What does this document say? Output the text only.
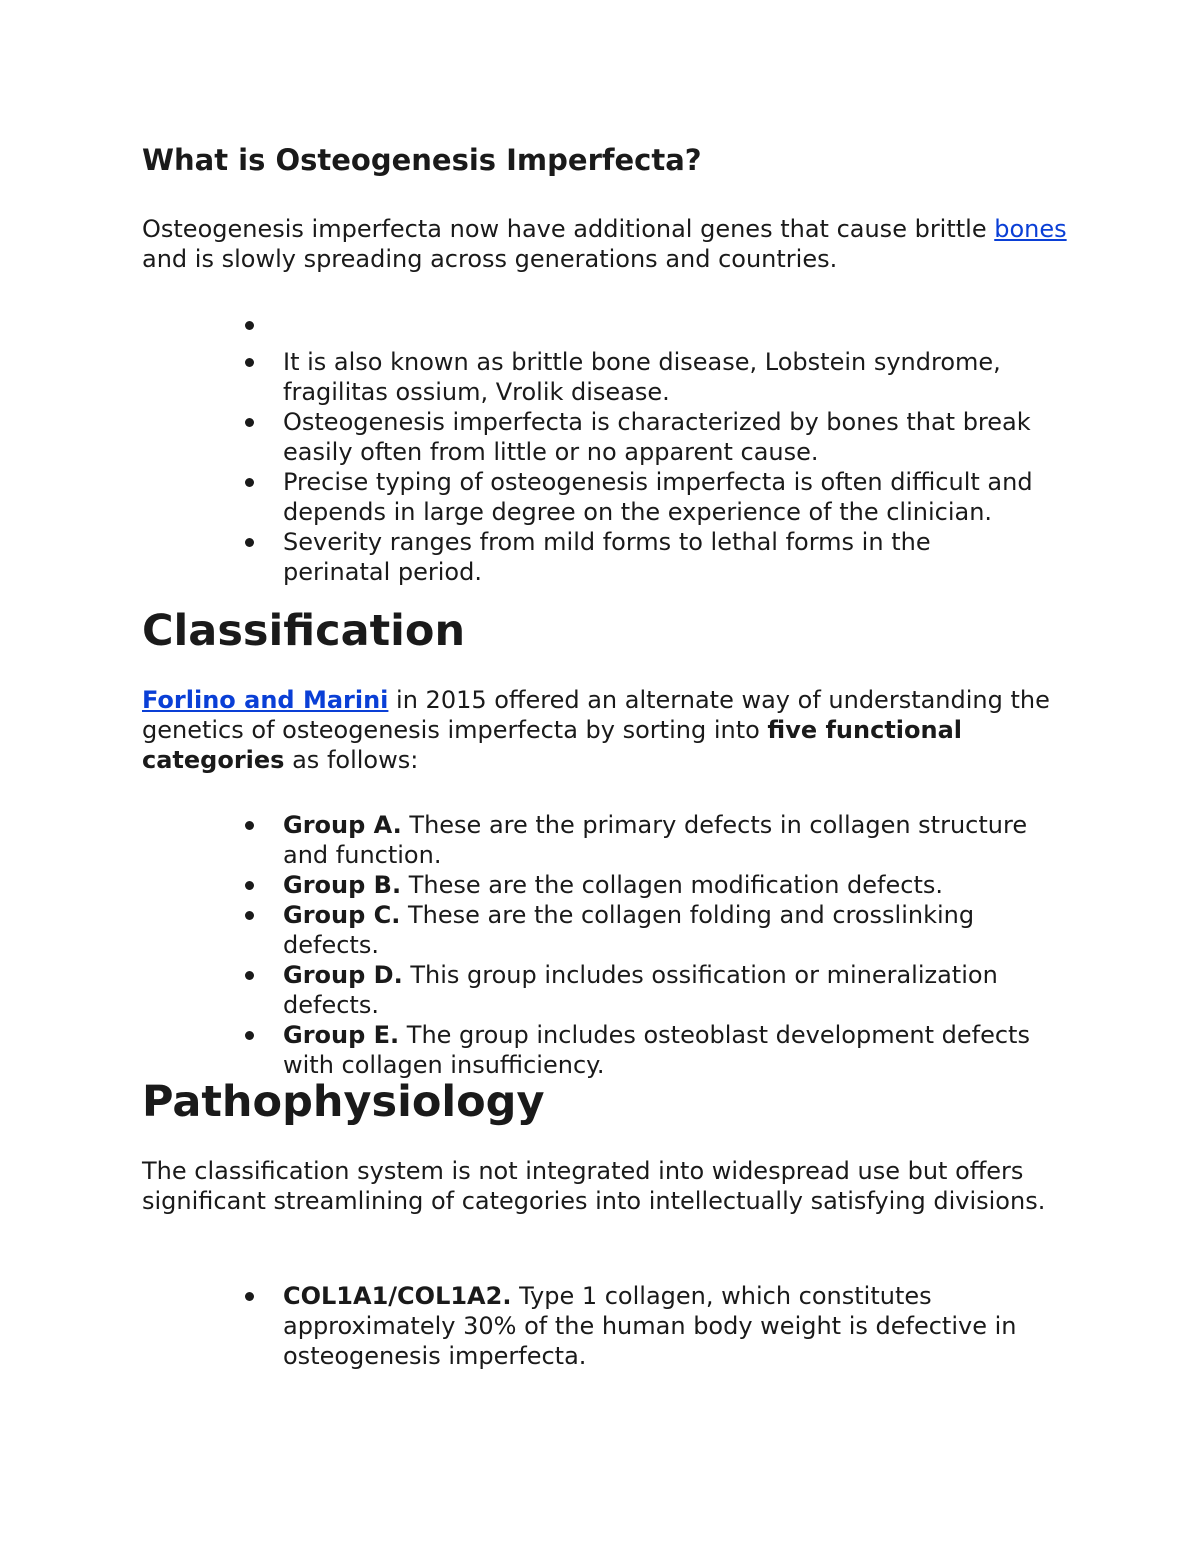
What is Osteogenesis Imperfecta?

Osteogenesis imperfecta now have additional genes that cause brittle bones and is slowly spreading across generations and countries.

It is also known as brittle bone disease, Lobstein syndrome, fragilitas ossium, Vrolik disease.
Osteogenesis imperfecta is characterized by bones that break easily often from little or no apparent cause.
Precise typing of osteogenesis imperfecta is often difficult and depends in large degree on the experience of the clinician.
Severity ranges from mild forms to lethal forms in the perinatal period.
Classification

Forlino and Marini in 2015 offered an alternate way of understanding the genetics of osteogenesis imperfecta by sorting into five functional categories as follows:

Group A. These are the primary defects in collagen structure and function.
Group B. These are the collagen modification defects.
Group C. These are the collagen folding and crosslinking defects.
Group D. This group includes ossification or mineralization defects.
Group E. The group includes osteoblast development defects with collagen insufficiency.
Pathophysiology

The classification system is not integrated into widespread use but offers significant streamlining of categories into intellectually satisfying divisions.

COL1A1/COL1A2. Type 1 collagen, which constitutes approximately 30% of the human body weight is defective in osteogenesis imperfecta.
